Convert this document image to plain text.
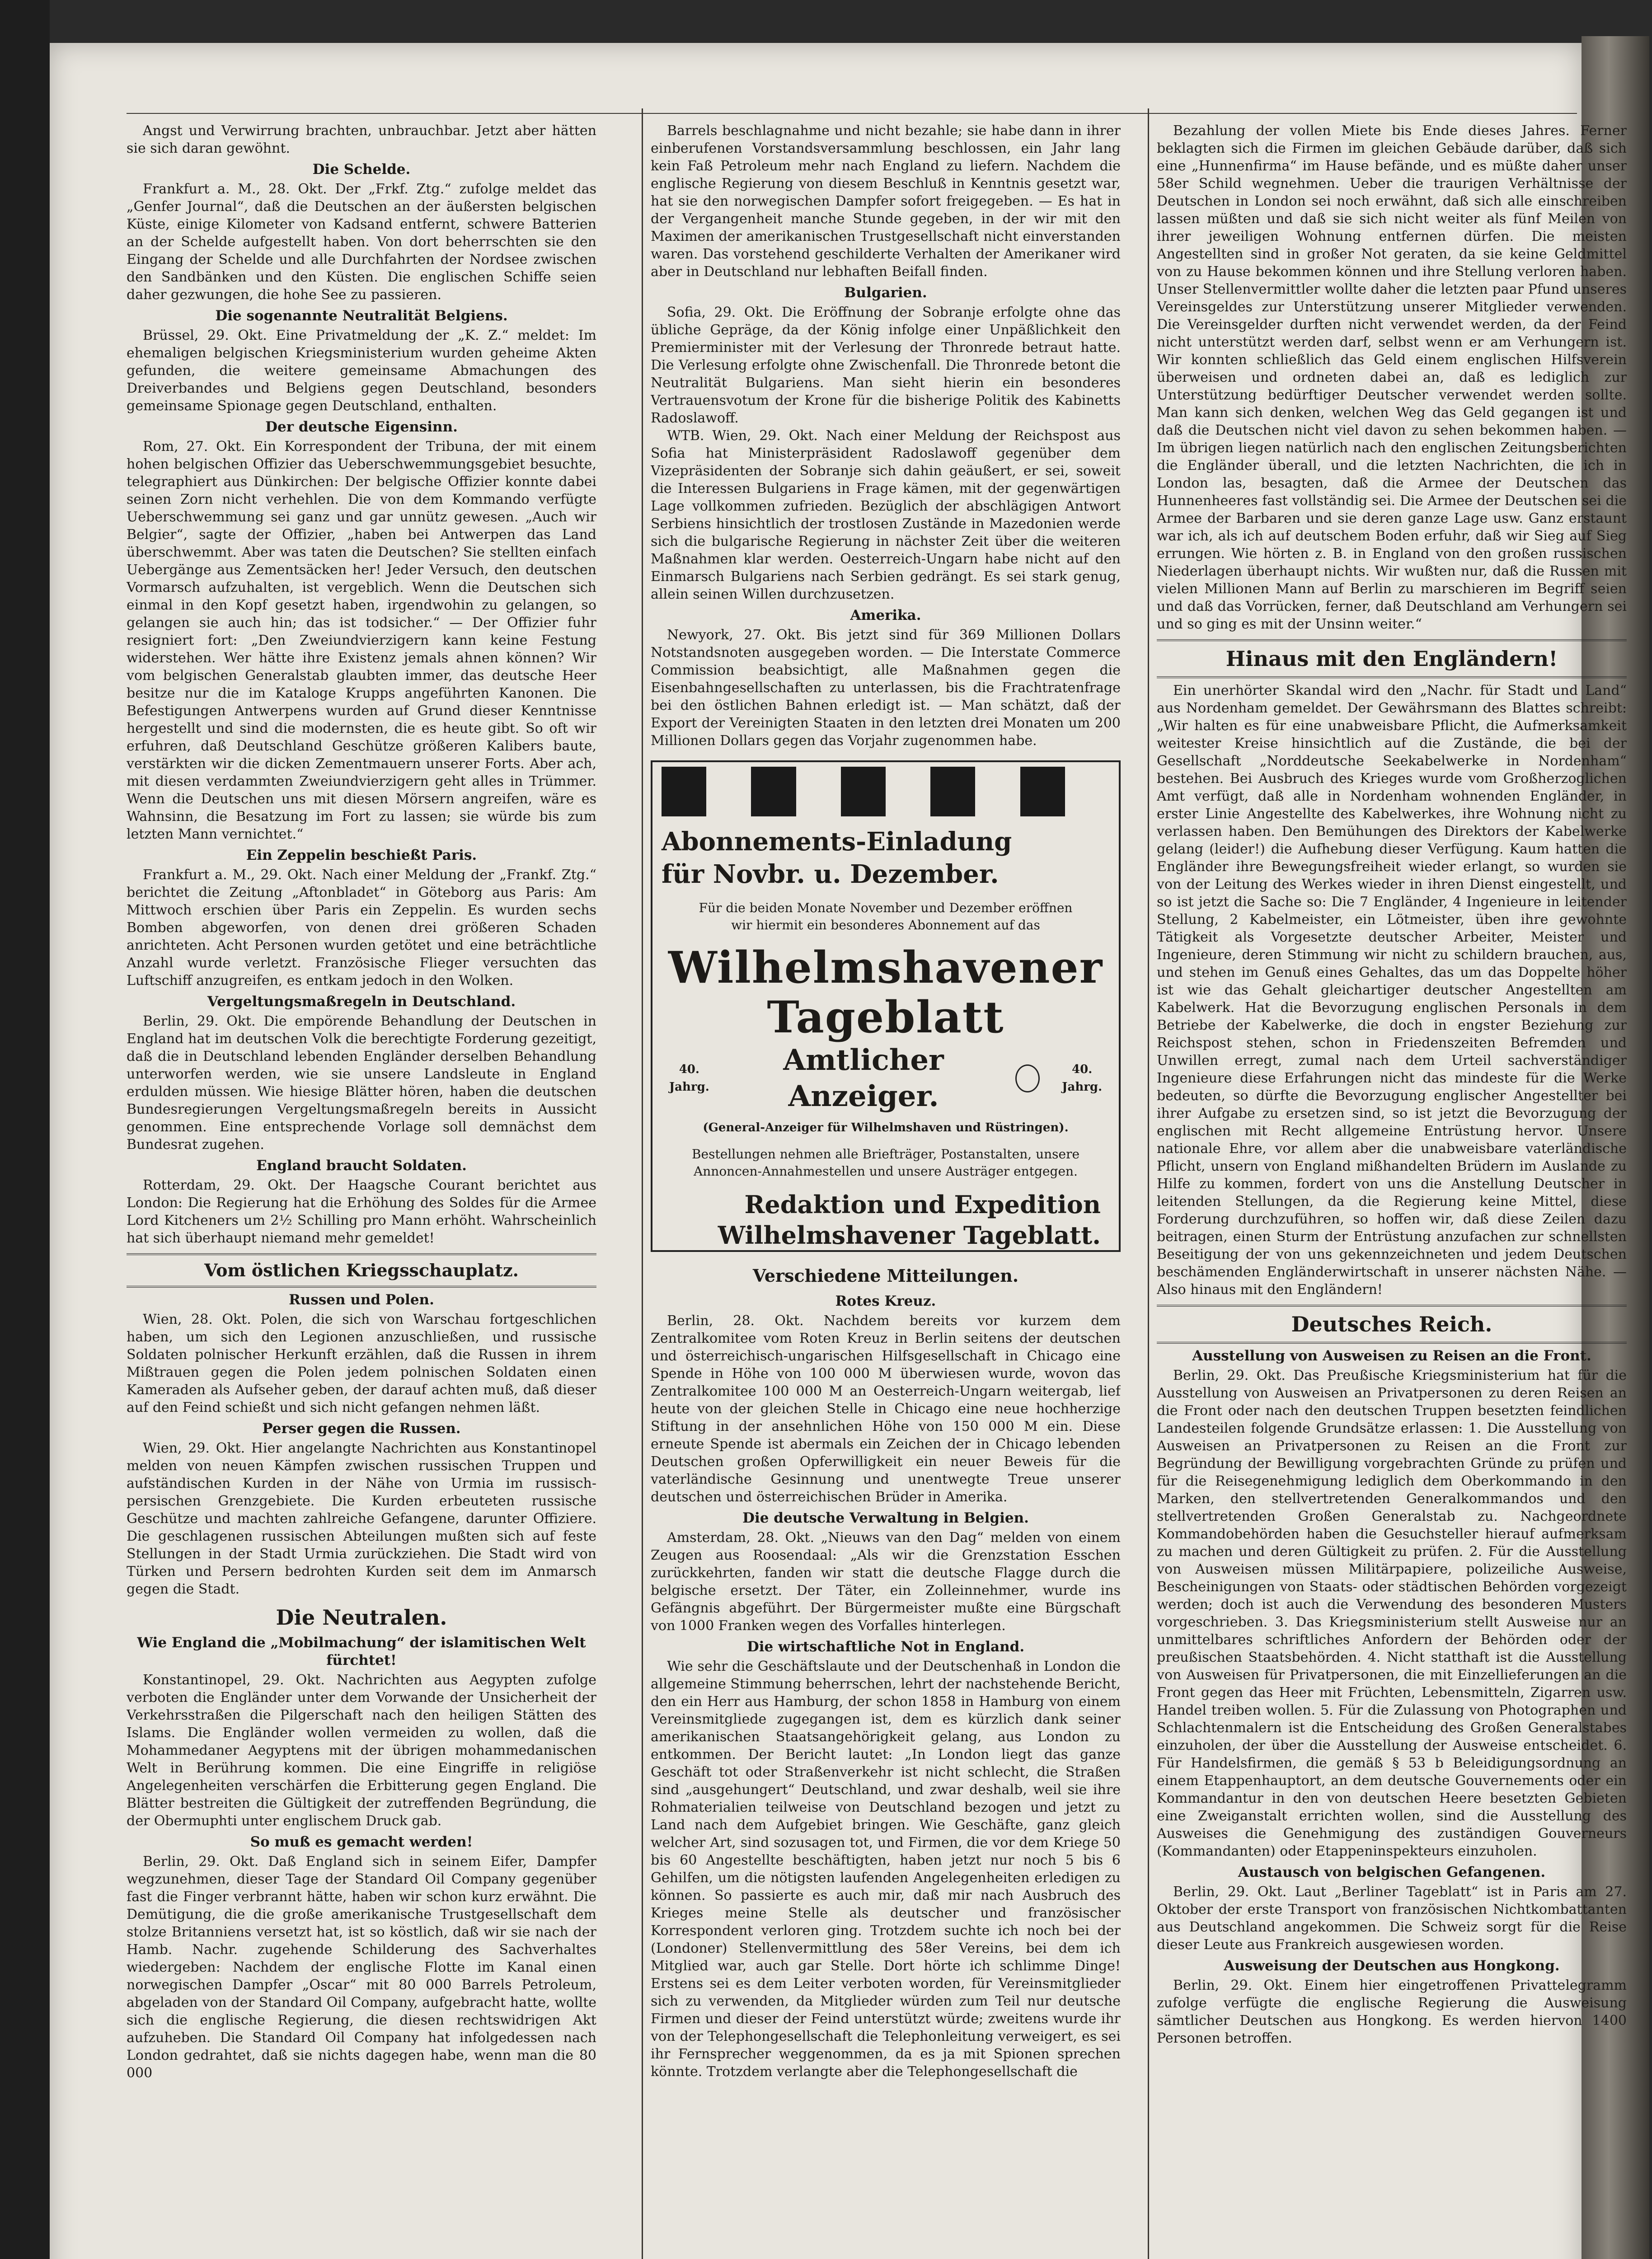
Angst und Verwirrung brachten, unbrauchbar. Jetzt aber hätten sie sich daran gewöhnt.

Die Schelde.

Frankfurt a. M., 28. Okt. Der „Frkf. Ztg.“ zufolge meldet das „Genfer Journal“, daß die Deutschen an der äußersten belgischen Küste, einige Kilometer von Kadsand entfernt, schwere Batterien an der Schelde aufgestellt haben. Von dort beherrschten sie den Eingang der Schelde und alle Durchfahrten der Nordsee zwischen den Sandbänken und den Küsten. Die englischen Schiffe seien daher gezwungen, die hohe See zu passieren.

Die sogenannte Neutralität Belgiens.

Brüssel, 29. Okt. Eine Privatmeldung der „K. Z.“ meldet: Im ehemaligen belgischen Kriegsministerium wurden geheime Akten gefunden, die weitere gemeinsame Abmachungen des Dreiverbandes und Belgiens gegen Deutschland, besonders gemeinsame Spionage gegen Deutschland, enthalten.

Der deutsche Eigensinn.

Rom, 27. Okt. Ein Korrespondent der Tribuna, der mit einem hohen belgischen Offizier das Ueberschwemmungsgebiet besuchte, telegraphiert aus Dünkirchen: Der belgische Offizier konnte dabei seinen Zorn nicht verhehlen. Die von dem Kommando verfügte Ueberschwemmung sei ganz und gar unnütz gewesen. „Auch wir Belgier“, sagte der Offizier, „haben bei Antwerpen das Land überschwemmt. Aber was taten die Deutschen? Sie stellten einfach Uebergänge aus Zementsäcken her! Jeder Versuch, den deutschen Vormarsch aufzuhalten, ist vergeblich. Wenn die Deutschen sich einmal in den Kopf gesetzt haben, irgendwohin zu gelangen, so gelangen sie auch hin; das ist todsicher.“ — Der Offizier fuhr resigniert fort: „Den Zweiundvierzigern kann keine Festung widerstehen. Wer hätte ihre Existenz jemals ahnen können? Wir vom belgischen Generalstab glaubten immer, das deutsche Heer besitze nur die im Kataloge Krupps angeführten Kanonen. Die Befestigungen Antwerpens wurden auf Grund dieser Kenntnisse hergestellt und sind die modernsten, die es heute gibt. So oft wir erfuhren, daß Deutschland Geschütze größeren Kalibers baute, verstärkten wir die dicken Zementmauern unserer Forts. Aber ach, mit diesen verdammten Zweiundvierzigern geht alles in Trümmer. Wenn die Deutschen uns mit diesen Mörsern angreifen, wäre es Wahnsinn, die Besatzung im Fort zu lassen; sie würde bis zum letzten Mann vernichtet.“

Ein Zeppelin beschießt Paris.

Frankfurt a. M., 29. Okt. Nach einer Meldung der „Frankf. Ztg.“ berichtet die Zeitung „Aftonbladet“ in Göteborg aus Paris: Am Mittwoch erschien über Paris ein Zeppelin. Es wurden sechs Bomben abgeworfen, von denen drei größeren Schaden anrichteten. Acht Personen wurden getötet und eine beträchtliche Anzahl wurde verletzt. Französische Flieger versuchten das Luftschiff anzugreifen, es entkam jedoch in den Wolken.

Vergeltungsmaßregeln in Deutschland.

Berlin, 29. Okt. Die empörende Behandlung der Deutschen in England hat im deutschen Volk die berechtigte Forderung gezeitigt, daß die in Deutschland lebenden Engländer derselben Behandlung unterworfen werden, wie sie unsere Landsleute in England erdulden müssen. Wie hiesige Blätter hören, haben die deutschen Bundesregierungen Vergeltungsmaßregeln bereits in Aussicht genommen. Eine entsprechende Vorlage soll demnächst dem Bundesrat zugehen.

England braucht Soldaten.

Rotterdam, 29. Okt. Der Haagsche Courant berichtet aus London: Die Regierung hat die Erhöhung des Soldes für die Armee Lord Kitcheners um 2½ Schilling pro Mann erhöht. Wahrscheinlich hat sich überhaupt niemand mehr gemeldet!

Vom östlichen Kriegsschauplatz.
Russen und Polen.

Wien, 28. Okt. Polen, die sich von Warschau fortgeschlichen haben, um sich den Legionen anzuschließen, und russische Soldaten polnischer Herkunft erzählen, daß die Russen in ihrem Mißtrauen gegen die Polen jedem polnischen Soldaten einen Kameraden als Aufseher geben, der darauf achten muß, daß dieser auf den Feind schießt und sich nicht gefangen nehmen läßt.

Perser gegen die Russen.

Wien, 29. Okt. Hier angelangte Nachrichten aus Konstantinopel melden von neuen Kämpfen zwischen russischen Truppen und aufständischen Kurden in der Nähe von Urmia im russisch-persischen Grenzgebiete. Die Kurden erbeuteten russische Geschütze und machten zahlreiche Gefangene, darunter Offiziere. Die geschlagenen russischen Abteilungen mußten sich auf feste Stellungen in der Stadt Urmia zurückziehen. Die Stadt wird von Türken und Persern bedrohten Kurden seit dem im Anmarsch gegen die Stadt.

Die Neutralen.
Wie England die „Mobilmachung“ der islamitischen Welt fürchtet!

Konstantinopel, 29. Okt. Nachrichten aus Aegypten zufolge verboten die Engländer unter dem Vorwande der Unsicherheit der Verkehrsstraßen die Pilgerschaft nach den heiligen Stätten des Islams. Die Engländer wollen vermeiden zu wollen, daß die Mohammedaner Aegyptens mit der übrigen mohammedanischen Welt in Berührung kommen. Die eine Eingriffe in religiöse Angelegenheiten verschärfen die Erbitterung gegen England. Die Blätter bestreiten die Gültigkeit der zutreffenden Begründung, die der Obermuphti unter englischem Druck gab.

So muß es gemacht werden!

Berlin, 29. Okt. Daß England sich in seinem Eifer, Dampfer wegzunehmen, dieser Tage der Standard Oil Company gegenüber fast die Finger verbrannt hätte, haben wir schon kurz erwähnt. Die Demütigung, die die große amerikanische Trustgesellschaft dem stolze Britanniens versetzt hat, ist so köstlich, daß wir sie nach der Hamb. Nachr. zugehende Schilderung des Sachverhaltes wiedergeben: Nachdem der englische Flotte im Kanal einen norwegischen Dampfer „Oscar“ mit 80 000 Barrels Petroleum, abgeladen von der Standard Oil Company, aufgebracht hatte, wollte sich die englische Regierung, die diesen rechtswidrigen Akt aufzuheben. Die Standard Oil Company hat infolgedessen nach London gedrahtet, daß sie nichts dagegen habe, wenn man die 80 000

Barrels beschlagnahme und nicht bezahle; sie habe dann in ihrer einberufenen Vorstandsversammlung beschlossen, ein Jahr lang kein Faß Petroleum mehr nach England zu liefern. Nachdem die englische Regierung von diesem Beschluß in Kenntnis gesetzt war, hat sie den norwegischen Dampfer sofort freigegeben. — Es hat in der Vergangenheit manche Stunde gegeben, in der wir mit den Maximen der amerikanischen Trustgesellschaft nicht einverstanden waren. Das vorstehend geschilderte Verhalten der Amerikaner wird aber in Deutschland nur lebhaften Beifall finden.

Bulgarien.

Sofia, 29. Okt. Die Eröffnung der Sobranje erfolgte ohne das übliche Gepräge, da der König infolge einer Unpäßlichkeit den Premierminister mit der Verlesung der Thronrede betraut hatte. Die Verlesung erfolgte ohne Zwischenfall. Die Thronrede betont die Neutralität Bulgariens. Man sieht hierin ein besonderes Vertrauensvotum der Krone für die bisherige Politik des Kabinetts Radoslawoff.

WTB. Wien, 29. Okt. Nach einer Meldung der Reichspost aus Sofia hat Ministerpräsident Radoslawoff gegenüber dem Vizepräsidenten der Sobranje sich dahin geäußert, er sei, soweit die Interessen Bulgariens in Frage kämen, mit der gegenwärtigen Lage vollkommen zufrieden. Bezüglich der abschlägigen Antwort Serbiens hinsichtlich der trostlosen Zustände in Mazedonien werde sich die bulgarische Regierung in nächster Zeit über die weiteren Maßnahmen klar werden. Oesterreich-Ungarn habe nicht auf den Einmarsch Bulgariens nach Serbien gedrängt. Es sei stark genug, allein seinen Willen durchzusetzen.

Amerika.

Newyork, 27. Okt. Bis jetzt sind für 369 Millionen Dollars Notstandsnoten ausgegeben worden. — Die Interstate Commerce Commission beabsichtigt, alle Maßnahmen gegen die Eisenbahngesellschaften zu unterlassen, bis die Frachtratenfrage bei den östlichen Bahnen erledigt ist. — Man schätzt, daß der Export der Vereinigten Staaten in den letzten drei Monaten um 200 Millionen Dollars gegen das Vorjahr zugenommen habe.

Abonnements-Einladung
für Novbr. u. Dezember.
Für die beiden Monate November und Dezember eröffnen wir hiermit ein besonderes Abonnement auf das
Wilhelmshavener Tageblatt
40. Jahrg.
Amtlicher Anzeiger.
40. Jahrg.
(General-Anzeiger für Wilhelmshaven und Rüstringen).
Bestellungen nehmen alle Briefträger, Postanstalten, unsere Annoncen-Annahmestellen und unsere Austräger entgegen.
Redaktion und Expedition
Wilhelmshavener Tageblatt.
Verschiedene Mitteilungen.
Rotes Kreuz.

Berlin, 28. Okt. Nachdem bereits vor kurzem dem Zentralkomitee vom Roten Kreuz in Berlin seitens der deutschen und österreichisch-ungarischen Hilfsgesellschaft in Chicago eine Spende in Höhe von 100 000 M überwiesen wurde, wovon das Zentralkomitee 100 000 M an Oesterreich-Ungarn weitergab, lief heute von der gleichen Stelle in Chicago eine neue hochherzige Stiftung in der ansehnlichen Höhe von 150 000 M ein. Diese erneute Spende ist abermals ein Zeichen der in Chicago lebenden Deutschen großen Opferwilligkeit ein neuer Beweis für die vaterländische Gesinnung und unentwegte Treue unserer deutschen und österreichischen Brüder in Amerika.

Die deutsche Verwaltung in Belgien.

Amsterdam, 28. Okt. „Nieuws van den Dag“ melden von einem Zeugen aus Roosendaal: „Als wir die Grenzstation Esschen zurückkehrten, fanden wir statt die deutsche Flagge durch die belgische ersetzt. Der Täter, ein Zolleinnehmer, wurde ins Gefängnis abgeführt. Der Bürgermeister mußte eine Bürgschaft von 1000 Franken wegen des Vorfalles hinterlegen.

Die wirtschaftliche Not in England.

Wie sehr die Geschäftslaute und der Deutschenhaß in London die allgemeine Stimmung beherrschen, lehrt der nachstehende Bericht, den ein Herr aus Hamburg, der schon 1858 in Hamburg von einem Vereinsmitgliede zugegangen ist, dem es kürzlich dank seiner amerikanischen Staatsangehörigkeit gelang, aus London zu entkommen. Der Bericht lautet: „In London liegt das ganze Geschäft tot oder Straßenverkehr ist nicht schlecht, die Straßen sind „ausgehungert“ Deutschland, und zwar deshalb, weil sie ihre Rohmaterialien teilweise von Deutschland bezogen und jetzt zu Land nach dem Aufgebiet bringen. Wie Geschäfte, ganz gleich welcher Art, sind sozusagen tot, und Firmen, die vor dem Kriege 50 bis 60 Angestellte beschäftigten, haben jetzt nur noch 5 bis 6 Gehilfen, um die nötigsten laufenden Angelegenheiten erledigen zu können. So passierte es auch mir, daß mir nach Ausbruch des Krieges meine Stelle als deutscher und französischer Korrespondent verloren ging. Trotzdem suchte ich noch bei der (Londoner) Stellenvermittlung des 58er Vereins, bei dem ich Mitglied war, auch gar Stelle. Dort hörte ich schlimme Dinge! Erstens sei es dem Leiter verboten worden, für Vereinsmitglieder sich zu verwenden, da Mitglieder würden zum Teil nur deutsche Firmen und dieser der Feind unterstützt würde; zweitens wurde ihr von der Telephongesellschaft die Telephonleitung verweigert, es sei ihr Fernsprecher weggenommen, da es ja mit Spionen sprechen könnte. Trotzdem verlangte aber die Telephongesellschaft die

Bezahlung der vollen Miete bis Ende dieses Jahres. Ferner beklagten sich die Firmen im gleichen Gebäude darüber, daß sich eine „Hunnenfirma“ im Hause befände, und es müßte daher unser 58er Schild wegnehmen. Ueber die traurigen Verhältnisse der Deutschen in London sei noch erwähnt, daß sich alle einschreiben lassen müßten und daß sie sich nicht weiter als fünf Meilen von ihrer jeweiligen Wohnung entfernen dürfen. Die meisten Angestellten sind in großer Not geraten, da sie keine Geldmittel von zu Hause bekommen können und ihre Stellung verloren haben. Unser Stellenvermittler wollte daher die letzten paar Pfund unseres Vereinsgeldes zur Unterstützung unserer Mitglieder verwenden. Die Vereinsgelder durften nicht verwendet werden, da der Feind nicht unterstützt werden darf, selbst wenn er am Verhungern ist. Wir konnten schließlich das Geld einem englischen Hilfsverein überweisen und ordneten dabei an, daß es lediglich zur Unterstützung bedürftiger Deutscher verwendet werden sollte. Man kann sich denken, welchen Weg das Geld gegangen ist und daß die Deutschen nicht viel davon zu sehen bekommen haben. — Im übrigen liegen natürlich nach den englischen Zeitungsberichten die Engländer überall, und die letzten Nachrichten, die ich in London las, besagten, daß die Armee der Deutschen das Hunnenheeres fast vollständig sei. Die Armee der Deutschen sei die Armee der Barbaren und sie deren ganze Lage usw. Ganz erstaunt war ich, als ich auf deutschem Boden erfuhr, daß wir Sieg auf Sieg errungen. Wie hörten z. B. in England von den großen russischen Niederlagen überhaupt nichts. Wir wußten nur, daß die Russen mit vielen Millionen Mann auf Berlin zu marschieren im Begriff seien und daß das Vorrücken, ferner, daß Deutschland am Verhungern sei und so ging es mit der Unsinn weiter.“

Hinaus mit den Engländern!

Ein unerhörter Skandal wird den „Nachr. für Stadt und Land“ aus Nordenham gemeldet. Der Gewährsmann des Blattes schreibt: „Wir halten es für eine unabweisbare Pflicht, die Aufmerksamkeit weitester Kreise hinsichtlich auf die Zustände, die bei der Gesellschaft „Norddeutsche Seekabelwerke in Nordenham“ bestehen. Bei Ausbruch des Krieges wurde vom Großherzoglichen Amt verfügt, daß alle in Nordenham wohnenden Engländer, in erster Linie Angestellte des Kabelwerkes, ihre Wohnung nicht zu verlassen haben. Den Bemühungen des Direktors der Kabelwerke gelang (leider!) die Aufhebung dieser Verfügung. Kaum hatten die Engländer ihre Bewegungsfreiheit wieder erlangt, so wurden sie von der Leitung des Werkes wieder in ihren Dienst eingestellt, und so ist jetzt die Sache so: Die 7 Engländer, 4 Ingenieure in leitender Stellung, 2 Kabelmeister, ein Lötmeister, üben ihre gewohnte Tätigkeit als Vorgesetzte deutscher Arbeiter, Meister und Ingenieure, deren Stimmung wir nicht zu schildern brauchen, aus, und stehen im Genuß eines Gehaltes, das um das Doppelte höher ist wie das Gehalt gleichartiger deutscher Angestellten am Kabelwerk. Hat die Bevorzugung englischen Personals in dem Betriebe der Kabelwerke, die doch in engster Beziehung zur Reichspost stehen, schon in Friedenszeiten Befremden und Unwillen erregt, zumal nach dem Urteil sachverständiger Ingenieure diese Erfahrungen nicht das mindeste für die Werke bedeuten, so dürfte die Bevorzugung englischer Angestellter bei ihrer Aufgabe zu ersetzen sind, so ist jetzt die Bevorzugung der englischen mit Recht allgemeine Entrüstung hervor. Unsere nationale Ehre, vor allem aber die unabweisbare vaterländische Pflicht, unsern von England mißhandelten Brüdern im Auslande zu Hilfe zu kommen, fordert von uns die Anstellung Deutscher in leitenden Stellungen, da die Regierung keine Mittel, diese Forderung durchzuführen, so hoffen wir, daß diese Zeilen dazu beitragen, einen Sturm der Entrüstung anzufachen zur schnellsten Beseitigung der von uns gekennzeichneten und jedem Deutschen beschämenden Engländerwirtschaft in unserer nächsten Nähe. — Also hinaus mit den Engländern!

Deutsches Reich.
Ausstellung von Ausweisen zu Reisen an die Front.

Berlin, 29. Okt. Das Preußische Kriegsministerium hat für die Ausstellung von Ausweisen an Privatpersonen zu deren Reisen an die Front oder nach den deutschen Truppen besetzten feindlichen Landesteilen folgende Grundsätze erlassen: 1. Die Ausstellung von Ausweisen an Privatpersonen zu Reisen an die Front zur Begründung der Bewilligung vorgebrachten Gründe zu prüfen und für die Reisegenehmigung lediglich dem Oberkommando in den Marken, den stellvertretenden Generalkommandos und den stellvertretenden Großen Generalstab zu. Nachgeordnete Kommandobehörden haben die Gesuchsteller hierauf aufmerksam zu machen und deren Gültigkeit zu prüfen. 2. Für die Ausstellung von Ausweisen müssen Militärpapiere, polizeiliche Ausweise, Bescheinigungen von Staats- oder städtischen Behörden vorgezeigt werden; doch ist auch die Verwendung des besonderen Musters vorgeschrieben. 3. Das Kriegsministerium stellt Ausweise nur an unmittelbares schriftliches Anfordern der Behörden oder der preußischen Staatsbehörden. 4. Nicht statthaft ist die Ausstellung von Ausweisen für Privatpersonen, die mit Einzellieferungen an die Front gegen das Heer mit Früchten, Lebensmitteln, Zigarren usw. Handel treiben wollen. 5. Für die Zulassung von Photographen und Schlachtenmalern ist die Entscheidung des Großen Generalstabes einzuholen, der über die Ausstellung der Ausweise entscheidet. 6. Für Handelsfirmen, die gemäß § 53 b Beleidigungsordnung an einem Etappenhauptort, an dem deutsche Gouvernements oder ein Kommandantur in den von deutschen Heere besetzten Gebieten eine Zweiganstalt errichten wollen, sind die Ausstellung des Ausweises die Genehmigung des zuständigen Gouverneurs (Kommandanten) oder Etappeninspekteurs einzuholen.

Austausch von belgischen Gefangenen.

Berlin, 29. Okt. Laut „Berliner Tageblatt“ ist in Paris am 27. Oktober der erste Transport von französischen Nichtkombattanten aus Deutschland angekommen. Die Schweiz sorgt für die Reise dieser Leute aus Frankreich ausgewiesen worden.

Ausweisung der Deutschen aus Hongkong.

Berlin, 29. Okt. Einem hier eingetroffenen Privattelegramm zufolge verfügte die englische Regierung die Ausweisung sämtlicher Deutschen aus Hongkong. Es werden hiervon 1400 Personen betroffen.
